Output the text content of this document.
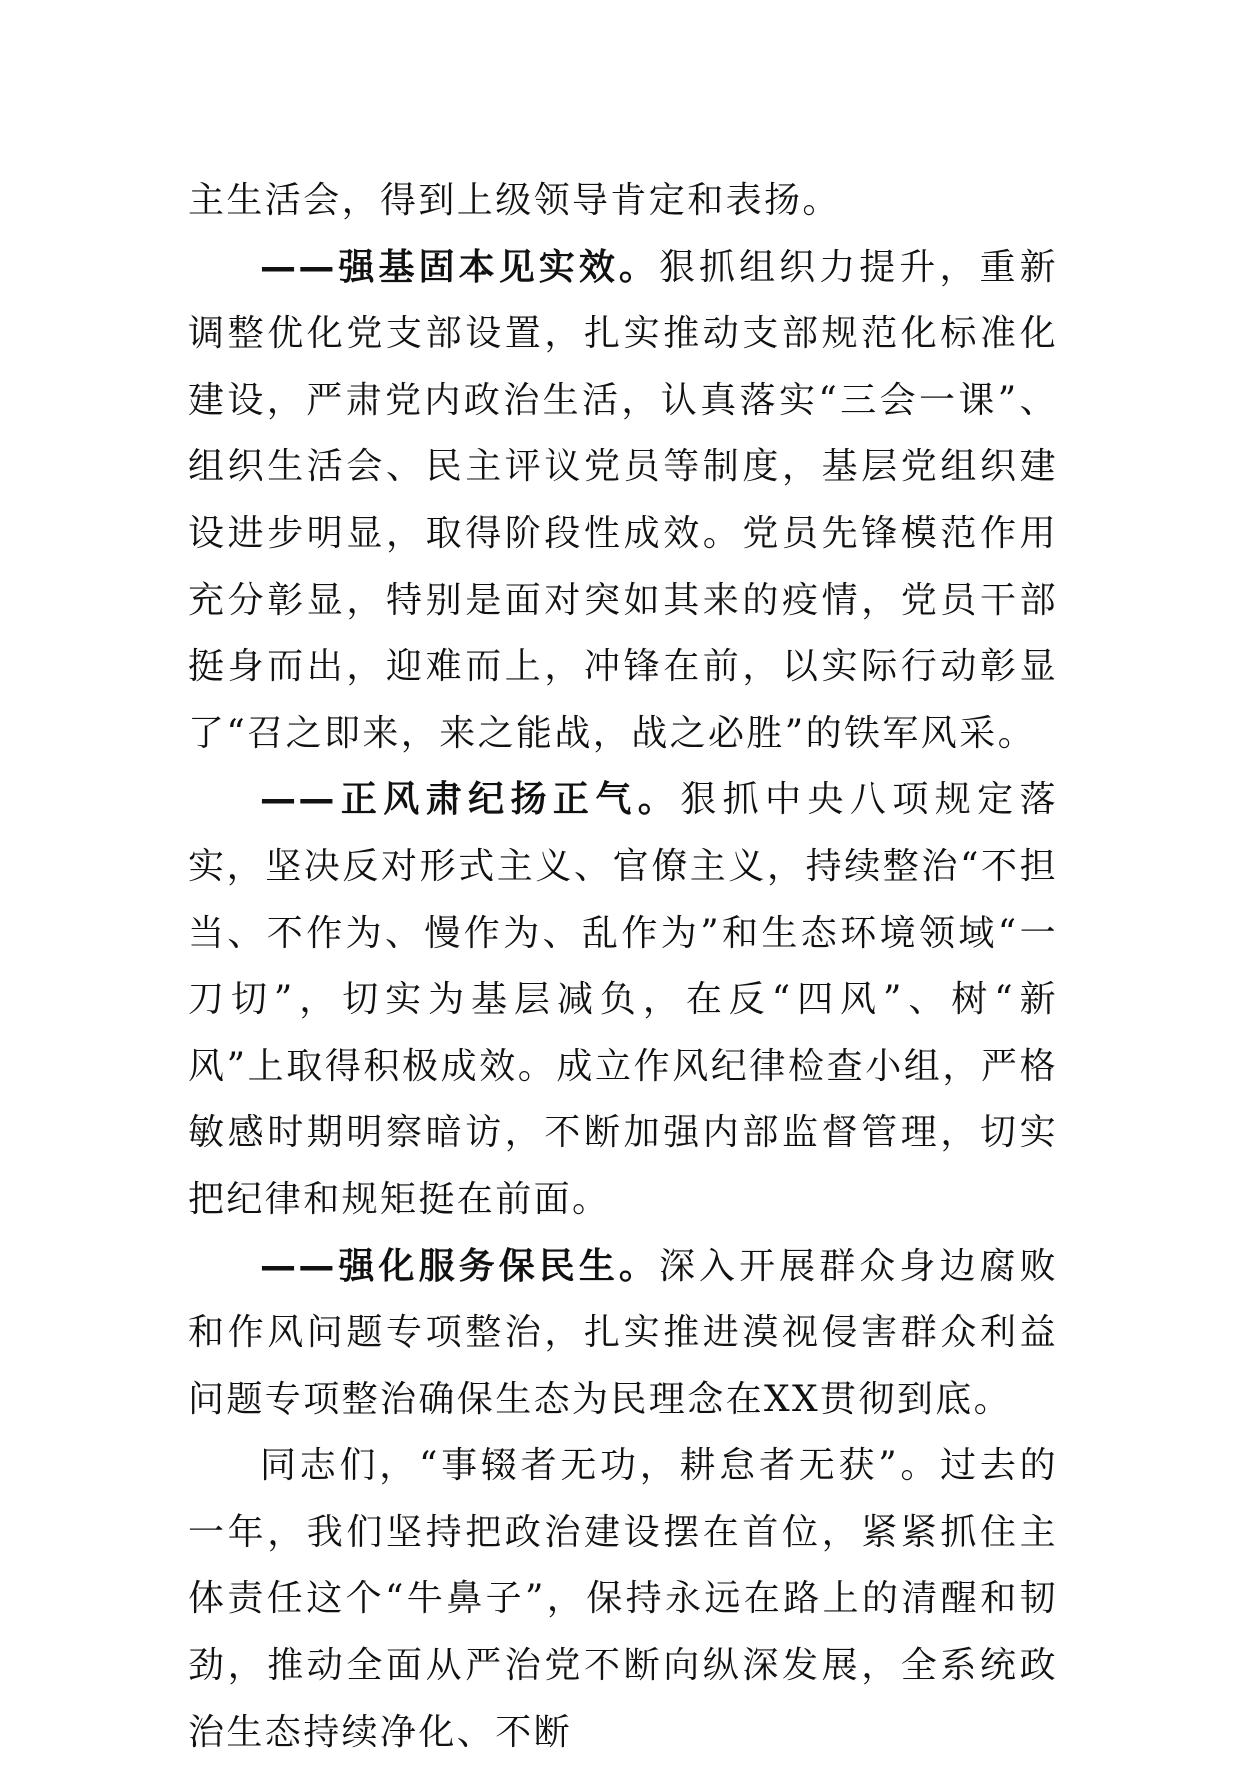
主生活会，得到上级领导肯定和表扬。

——强基固本见实效。狠抓组织力提升，重新调整优化党支部设置，扎实推动支部规范化标准化建设，严肃党内政治生活，认真落实“三会一课”、组织生活会、民主评议党员等制度，基层党组织建设进步明显，取得阶段性成效。党员先锋模范作用充分彰显，特别是面对突如其来的疫情，党员干部挺身而出，迎难而上，冲锋在前，以实际行动彰显了“召之即来，来之能战，战之必胜”的铁军风采。

——正风肃纪扬正气。狠抓中央八项规定落实，坚决反对形式主义、官僚主义，持续整治“不担当、不作为、慢作为、乱作为”和生态环境领域“一刀切”，切实为基层减负，在反“四风”、树“新风”上取得积极成效。成立作风纪律检查小组，严格敏感时期明察暗访，不断加强内部监督管理，切实把纪律和规矩挺在前面。

——强化服务保民生。深入开展群众身边腐败和作风问题专项整治，扎实推进漠视侵害群众利益问题专项整治确保生态为民理念在XX贯彻到底。

同志们，“事辍者无功，耕怠者无获”。过去的一年，我们坚持把政治建设摆在首位，紧紧抓住主体责任这个“牛鼻子”，保持永远在路上的清醒和韧劲，推动全面从严治党不断向纵深发展，全系统政治生态持续净化、不断
